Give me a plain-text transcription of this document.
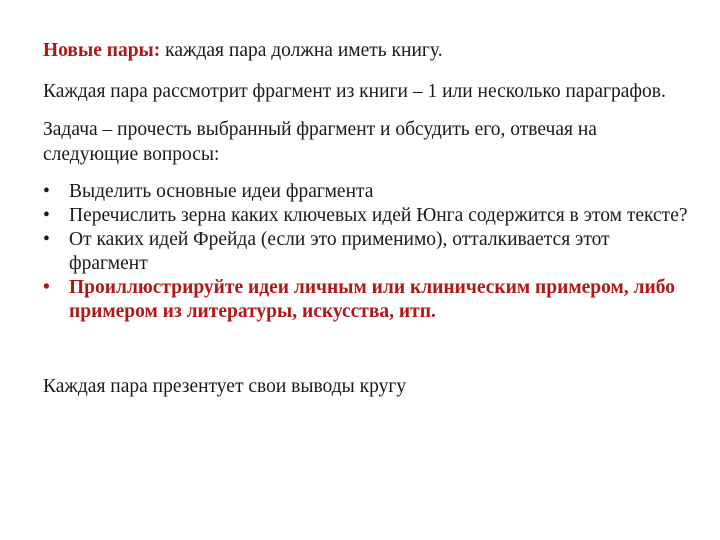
Новые пары: каждая пара должна иметь книгу.

Каждая пара рассмотрит фрагмент из книги – 1 или несколько параграфов.

Задача – прочесть выбранный фрагмент и обсудить его, отвечая на следующие вопросы:

• Выделить основные идеи фрагмента
• Перечислить зерна каких ключевых идей Юнга содержится в этом тексте?
• От каких идей Фрейда (если это применимо), отталкивается этот фрагмент
• Проиллюстрируйте идеи личным или клиническим примером, либо примером из литературы, искусства, итп.

Каждая пара презентует свои выводы кругу
